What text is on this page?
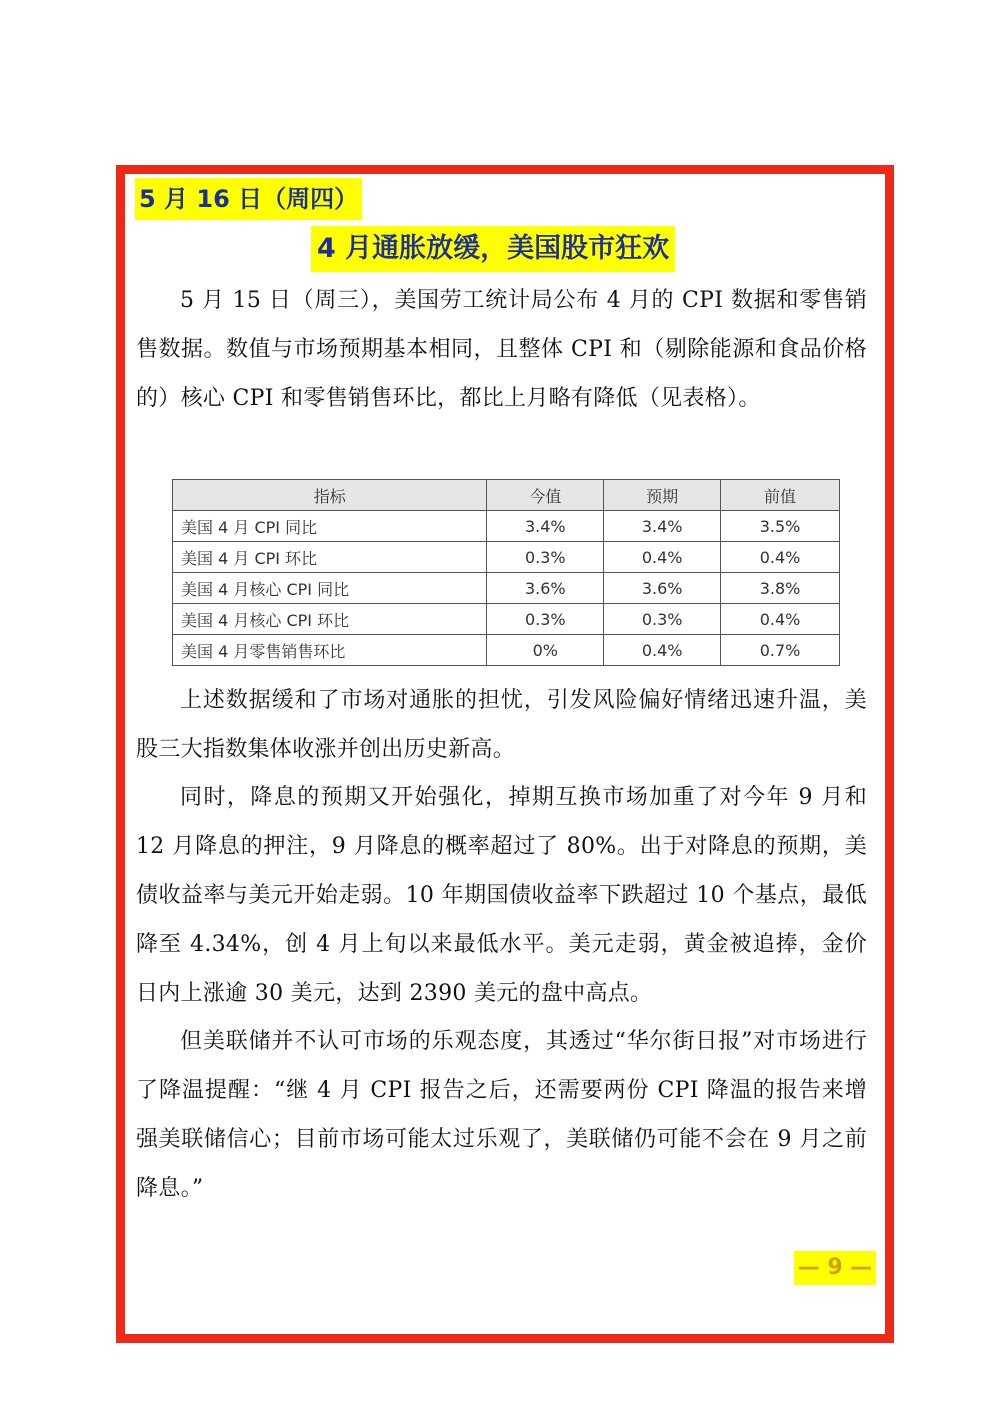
5 月 16 日（周四）
4 月通胀放缓，美国股市狂欢

5 月 15 日（周三），美国劳工统计局公布 4 月的 CPI 数据和零售销售数据。数值与市场预期基本相同，且整体 CPI 和（剔除能源和食品价格的）核心 CPI 和零售销售环比，都比上月略有降低（见表格）。

指标	今值	预期	前值
美国 4 月 CPI 同比	3.4%	3.4%	3.5%
美国 4 月 CPI 环比	0.3%	0.4%	0.4%
美国 4 月核心 CPI 同比	3.6%	3.6%	3.8%
美国 4 月核心 CPI 环比	0.3%	0.3%	0.4%
美国 4 月零售销售环比	0%	0.4%	0.7%

上述数据缓和了市场对通胀的担忧，引发风险偏好情绪迅速升温，美股三大指数集体收涨并创出历史新高。

同时，降息的预期又开始强化，掉期互换市场加重了对今年 9 月和 12 月降息的押注，9 月降息的概率超过了 80%。出于对降息的预期，美债收益率与美元开始走弱。10 年期国债收益率下跌超过 10 个基点，最低降至 4.34%，创 4 月上旬以来最低水平。美元走弱，黄金被追捧，金价日内上涨逾 30 美元，达到 2390 美元的盘中高点。

但美联储并不认可市场的乐观态度，其透过“华尔街日报”对市场进行了降温提醒：“继 4 月 CPI 报告之后，还需要两份 CPI 降温的报告来增强美联储信心；目前市场可能太过乐观了，美联储仍可能不会在 9 月之前降息。”

— 9 —
